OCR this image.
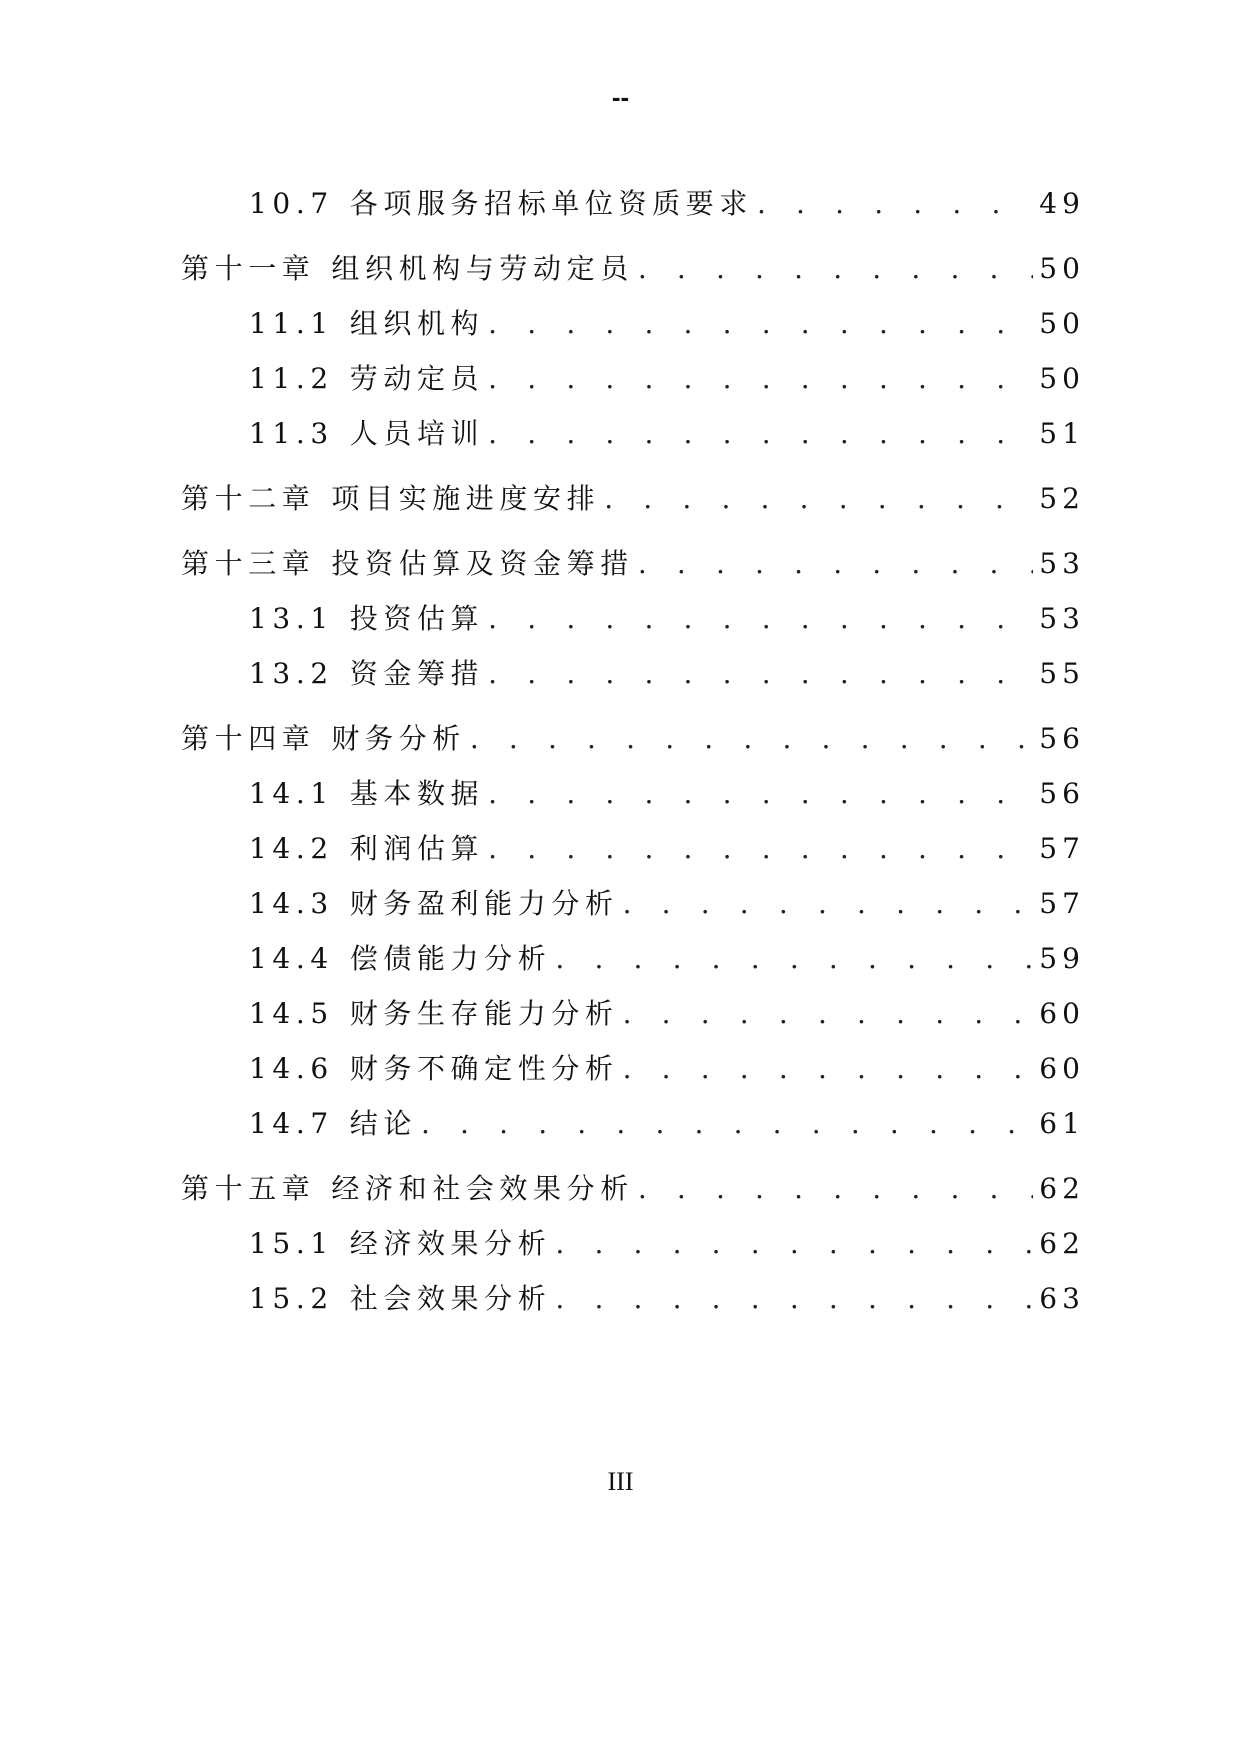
--
10.7 各项服务招标单位资质要求 . . .	49
第十一章 组织机构与劳动定员 . . .	50
11.1 组织机构 . . .	50
11.2 劳动定员 . . .	50
11.3 人员培训 . . .	51
第十二章 项目实施进度安排 . . .	52
第十三章 投资估算及资金筹措 . . .	53
13.1 投资估算 . . .	53
13.2 资金筹措 . . .	55
第十四章 财务分析 . . .	56
14.1 基本数据 . . .	56
14.2 利润估算 . . .	57
14.3 财务盈利能力分析 . . .	57
14.4 偿债能力分析 . . .	59
14.5 财务生存能力分析 . . .	60
14.6 财务不确定性分析 . . .	60
14.7 结论 . . .	61
第十五章 经济和社会效果分析 . . .	62
15.1 经济效果分析 . . .	62
15.2 社会效果分析 . . .	63
III
